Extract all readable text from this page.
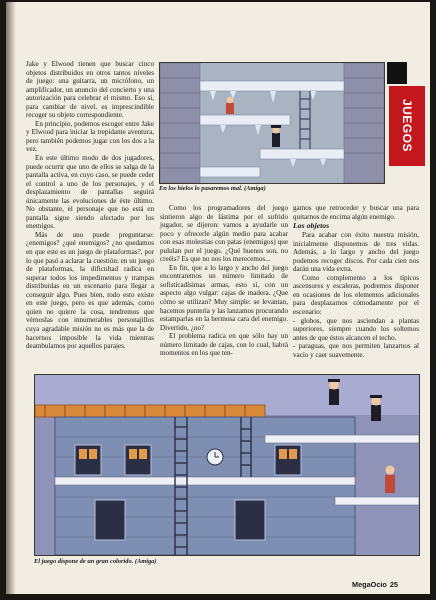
Jake y Elwood tienen que buscar cinco objetos distribuidos en otros tantos niveles de juego: una guitarra, un micrófono, un amplificador, un anuncio del concierto y una autorización para celebrar el mismo. Eso sí, para cambiar de nivel, es imprescindible recoger su objeto correspondiente.

En principio, podemos escoger entre Jake y Elwood para iniciar la trepidante aventura, pero también podemos jugar con los dos a la vez.

En este último modo de dos jugadores, puede ocurrir que uno de ellos se salga de la pantalla activa, en cuyo caso, se puede ceder el control a uno de los personajes, y el desplazamiento de pantallas seguirá únicamente las evoluciones de éste último. No obstante, el personaje que no está en pantalla sigue siendo afectado por los enemigos.

Más de uno puede preguntarse: ¿enemigos? ¿qué enemigos? ¿no quedamos en que este es un juego de plataformas?, por lo que pasó a aclarar la cuestión: en un juego de plataformas, la dificultad radica en superar todos los impedimentos y trampas distribuidas en un escenario para llegar a conseguir algo. Pues bien, todo esto existe en este juego, pero es que además, como quien no quiere la cosa, tendremos que vérnoslas con innumerables personajillos cuya agradable misión no es más que la de hacernos imposible la vida mientras deambulamos por aquellos parajes.

En los hielos lo pasaremos mal. (Amiga)
JUEGOS

Como los programadores del juego sintieron algo de lástima por el sufrido jugador, se dijeron: vamos a ayudarle un poco y ofrecerle algún medio para acabar con esas molestias con patas (enemigos) que pululan por el juego. ¿Qué buenos son, no creéis? Es que no nos los merecemos...

En fin, que a lo largo y ancho del juego encontraremos un número limitado de sofisticadísimas armas, esto sí, con un aspecto algo vulgar: cajas de madera. ¿Que cómo se utilizan? Muy simple: se levantan, hacemos puntería y las lanzamos procurando estamparlas en la hermosa cara del enemigo. Divertido, ¿no?

El problema radica en que sólo hay un número limitado de cajas, con lo cual, habrá momentos en los que ten-

gamos que retroceder y buscar una para quitarnos de encima algún enemigo.

Los objetos

Para acabar con éxito nuestra misión, inicialmente disponemos de tres vidas. Además, a lo largo y ancho del juego podemos recoger discos. Por cada cien nos darán una vida extra.

Como complemento a los típicos ascensores y escaleras, podremos disponer en ocasiones de los elementos adicionales para desplazarnos cómodamente por el escenario:

- globos, que nos asciendan a plantas superiores, siempre cuando los soltemos antes de que éstos alcancen el techo.

- paraguas, que nos permiten lanzarnos al vacío y caer suavemente.

El juego dispone de un gran colorido. (Amiga)
MegaOcio 25
